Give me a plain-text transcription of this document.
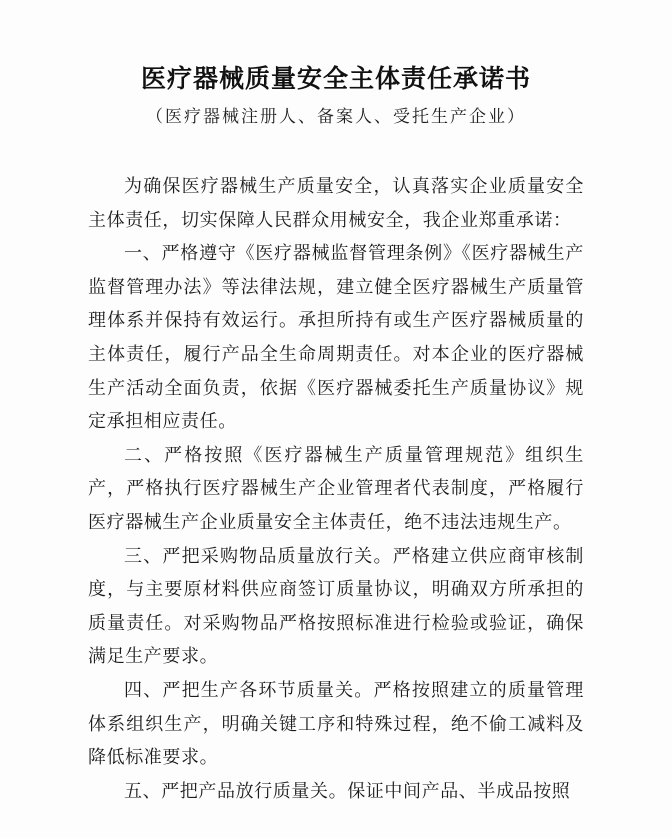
医疗器械质量安全主体责任承诺书
（医疗器械注册人、备案人、受托生产企业）

为确保医疗器械生产质量安全，认真落实企业质量安全主体责任，切实保障人民群众用械安全，我企业郑重承诺：

一、严格遵守《医疗器械监督管理条例》《医疗器械生产监督管理办法》等法律法规，建立健全医疗器械生产质量管理体系并保持有效运行。承担所持有或生产医疗器械质量的主体责任，履行产品全生命周期责任。对本企业的医疗器械生产活动全面负责，依据《医疗器械委托生产质量协议》规定承担相应责任。

二、严格按照《医疗器械生产质量管理规范》组织生产，严格执行医疗器械生产企业管理者代表制度，严格履行医疗器械生产企业质量安全主体责任，绝不违法违规生产。

三、严把采购物品质量放行关。严格建立供应商审核制度，与主要原材料供应商签订质量协议，明确双方所承担的质量责任。对采购物品严格按照标准进行检验或验证，确保满足生产要求。

四、严把生产各环节质量关。严格按照建立的质量管理体系组织生产，明确关键工序和特殊过程，绝不偷工减料及降低标准要求。

五、严把产品放行质量关。保证中间产品、半成品按照
